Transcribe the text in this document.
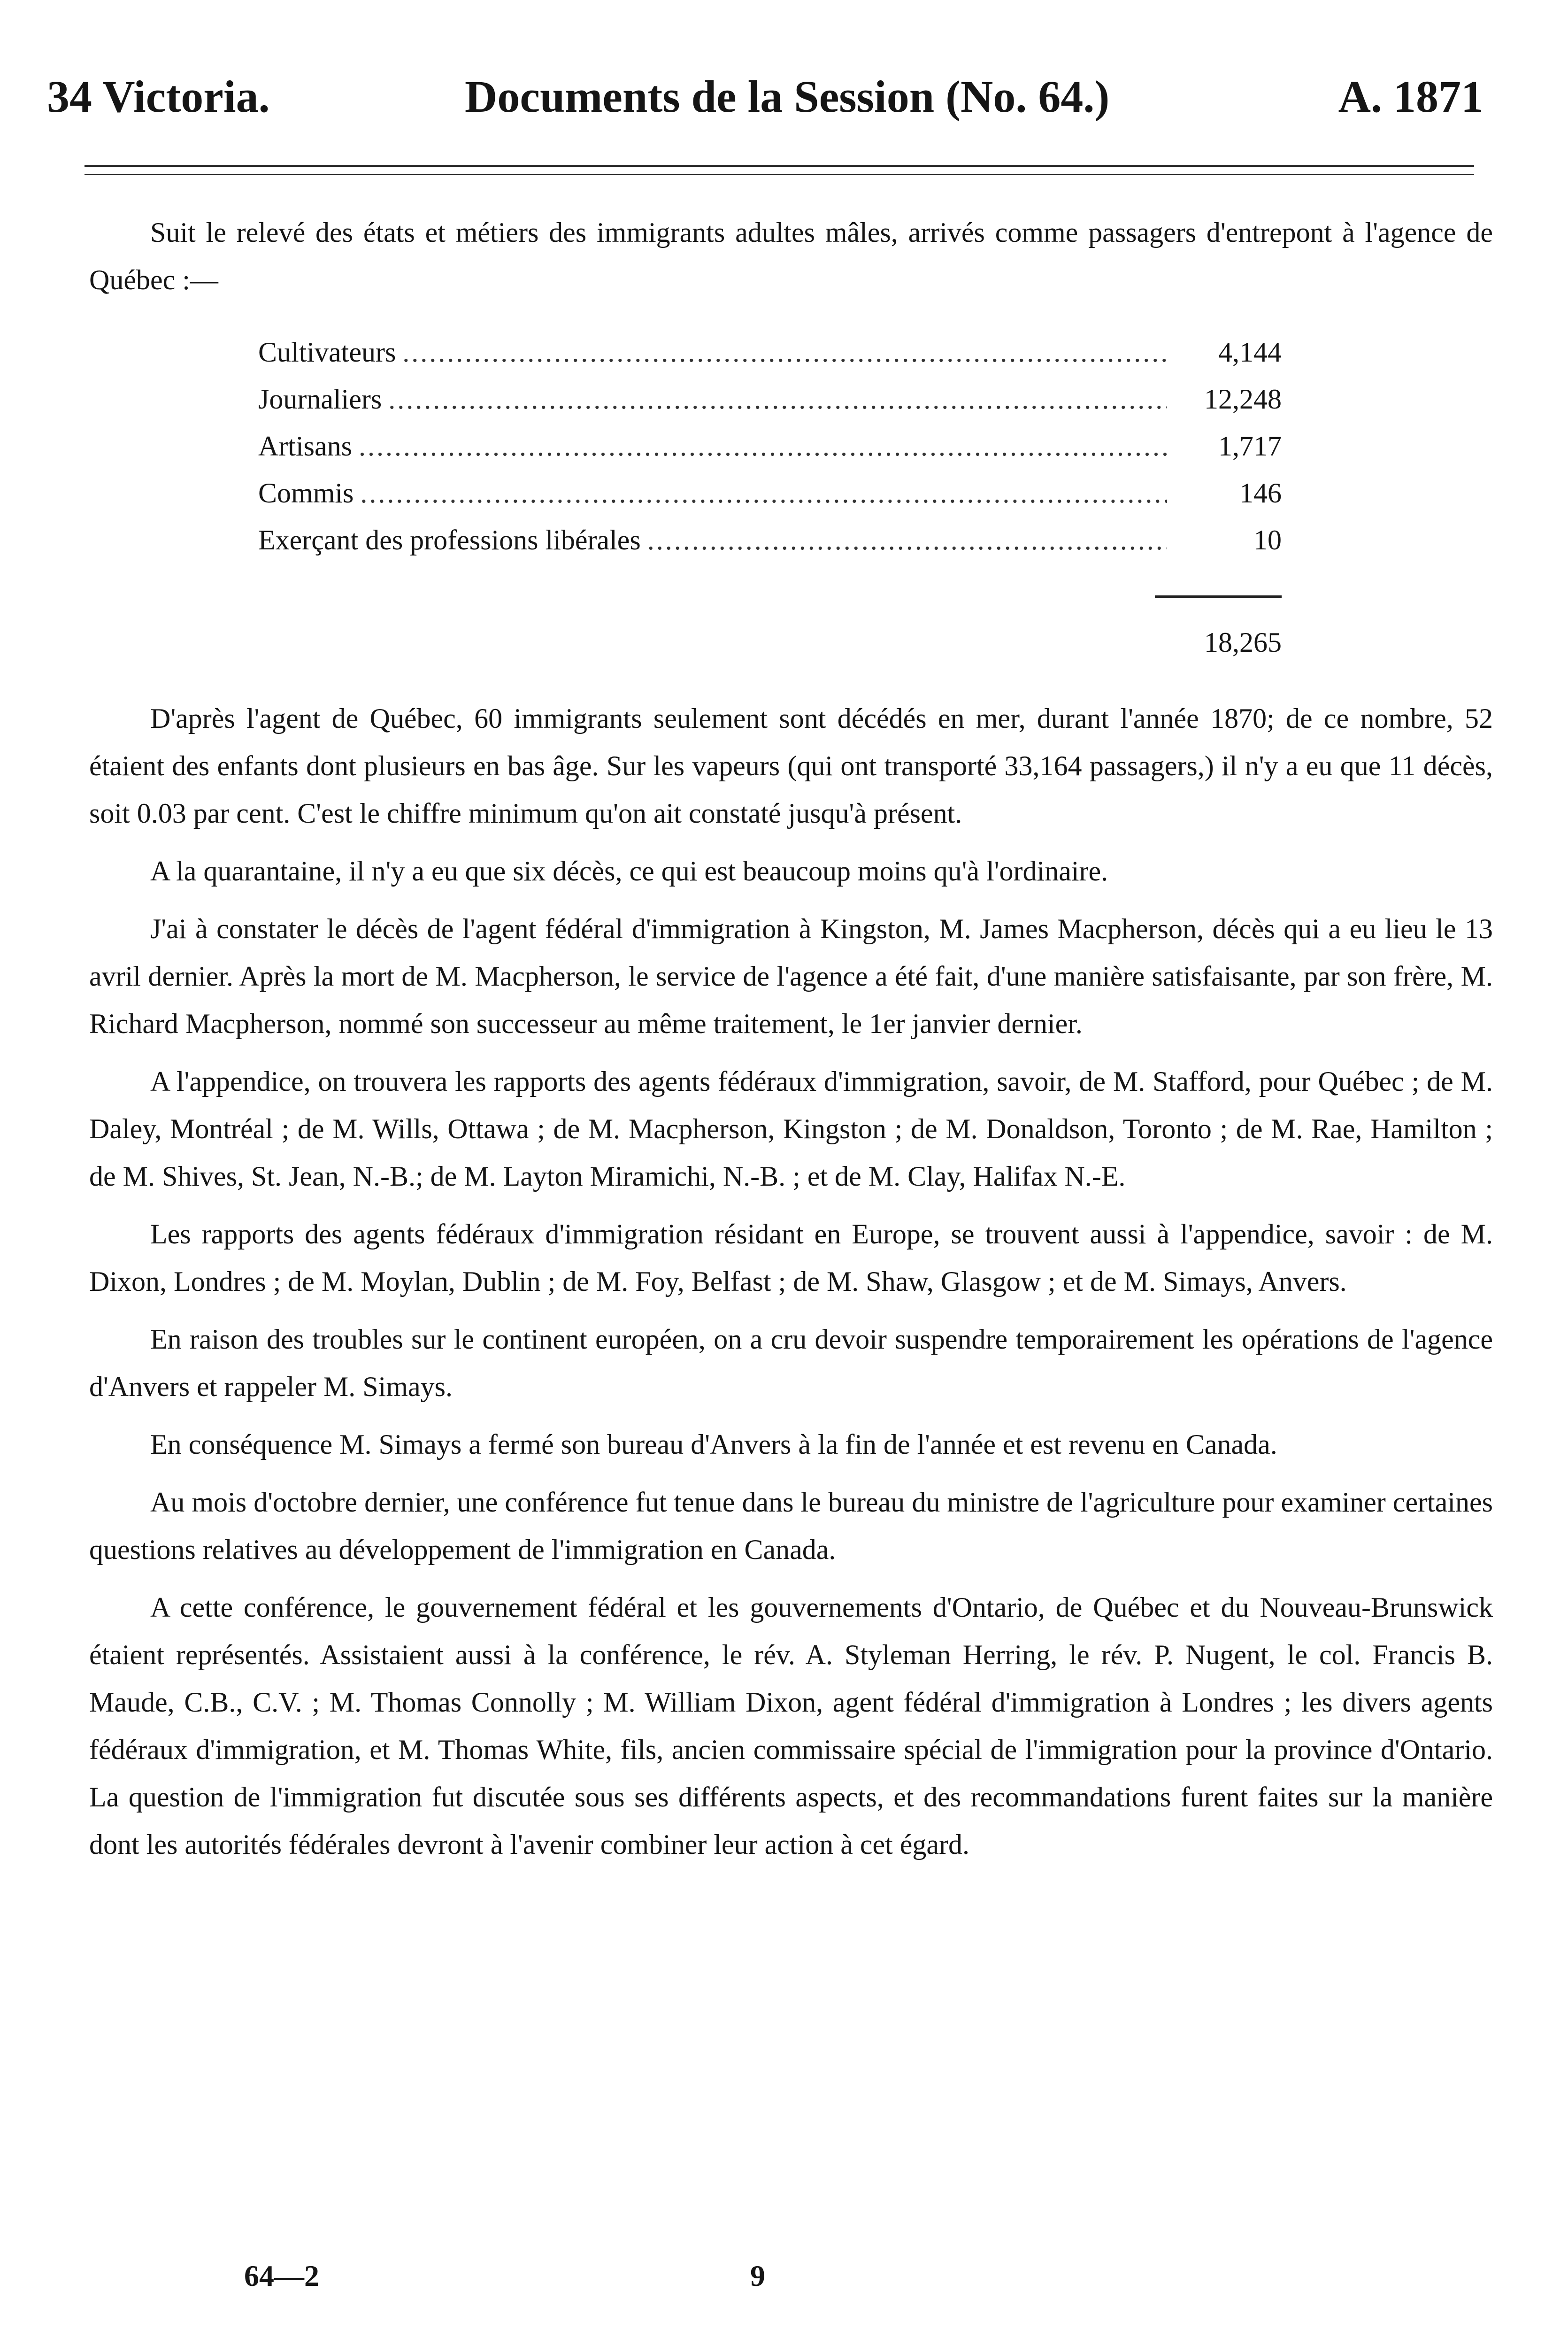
34 Victoria.	Documents de la Session (No. 64.)	A. 1871

Suit le relevé des états et métiers des immigrants adultes mâles, arrivés comme passagers d'entrepont à l'agence de Québec :—

Cultivateurs .....	4,144
Journaliers .....	12,248
Artisans .....	1,717
Commis .....	146
Exerçant des professions libérales .....	10
18,265

D'après l'agent de Québec, 60 immigrants seulement sont décédés en mer, durant l'année 1870; de ce nombre, 52 étaient des enfants dont plusieurs en bas âge. Sur les vapeurs (qui ont transporté 33,164 passagers,) il n'y a eu que 11 décès, soit 0.03 par cent. C'est le chiffre minimum qu'on ait constaté jusqu'à présent.

A la quarantaine, il n'y a eu que six décès, ce qui est beaucoup moins qu'à l'ordinaire.

J'ai à constater le décès de l'agent fédéral d'immigration à Kingston, M. James Macpherson, décès qui a eu lieu le 13 avril dernier. Après la mort de M. Macpherson, le service de l'agence a été fait, d'une manière satisfaisante, par son frère, M. Richard Macpherson, nommé son successeur au même traitement, le 1er janvier dernier.

A l'appendice, on trouvera les rapports des agents fédéraux d'immigration, savoir, de M. Stafford, pour Québec ; de M. Daley, Montréal ; de M. Wills, Ottawa ; de M. Macpherson, Kingston ; de M. Donaldson, Toronto ; de M. Rae, Hamilton ; de M. Shives, St. Jean, N.-B.; de M. Layton Miramichi, N.-B. ; et de M. Clay, Halifax N.-E.

Les rapports des agents fédéraux d'immigration résidant en Europe, se trouvent aussi à l'appendice, savoir : de M. Dixon, Londres ; de M. Moylan, Dublin ; de M. Foy, Belfast ; de M. Shaw, Glasgow ; et de M. Simays, Anvers.

En raison des troubles sur le continent européen, on a cru devoir suspendre temporairement les opérations de l'agence d'Anvers et rappeler M. Simays.

En conséquence M. Simays a fermé son bureau d'Anvers à la fin de l'année et est revenu en Canada.

Au mois d'octobre dernier, une conférence fut tenue dans le bureau du ministre de l'agriculture pour examiner certaines questions relatives au développement de l'immigration en Canada.

A cette conférence, le gouvernement fédéral et les gouvernements d'Ontario, de Québec et du Nouveau-Brunswick étaient représentés. Assistaient aussi à la conférence, le rév. A. Styleman Herring, le rév. P. Nugent, le col. Francis B. Maude, C.B., C.V. ; M. Thomas Connolly ; M. William Dixon, agent fédéral d'immigration à Londres ; les divers agents fédéraux d'immigration, et M. Thomas White, fils, ancien commissaire spécial de l'immigration pour la province d'Ontario. La question de l'immigration fut discutée sous ses différents aspects, et des recommandations furent faites sur la manière dont les autorités fédérales devront à l'avenir combiner leur action à cet égard.

64—2	9
